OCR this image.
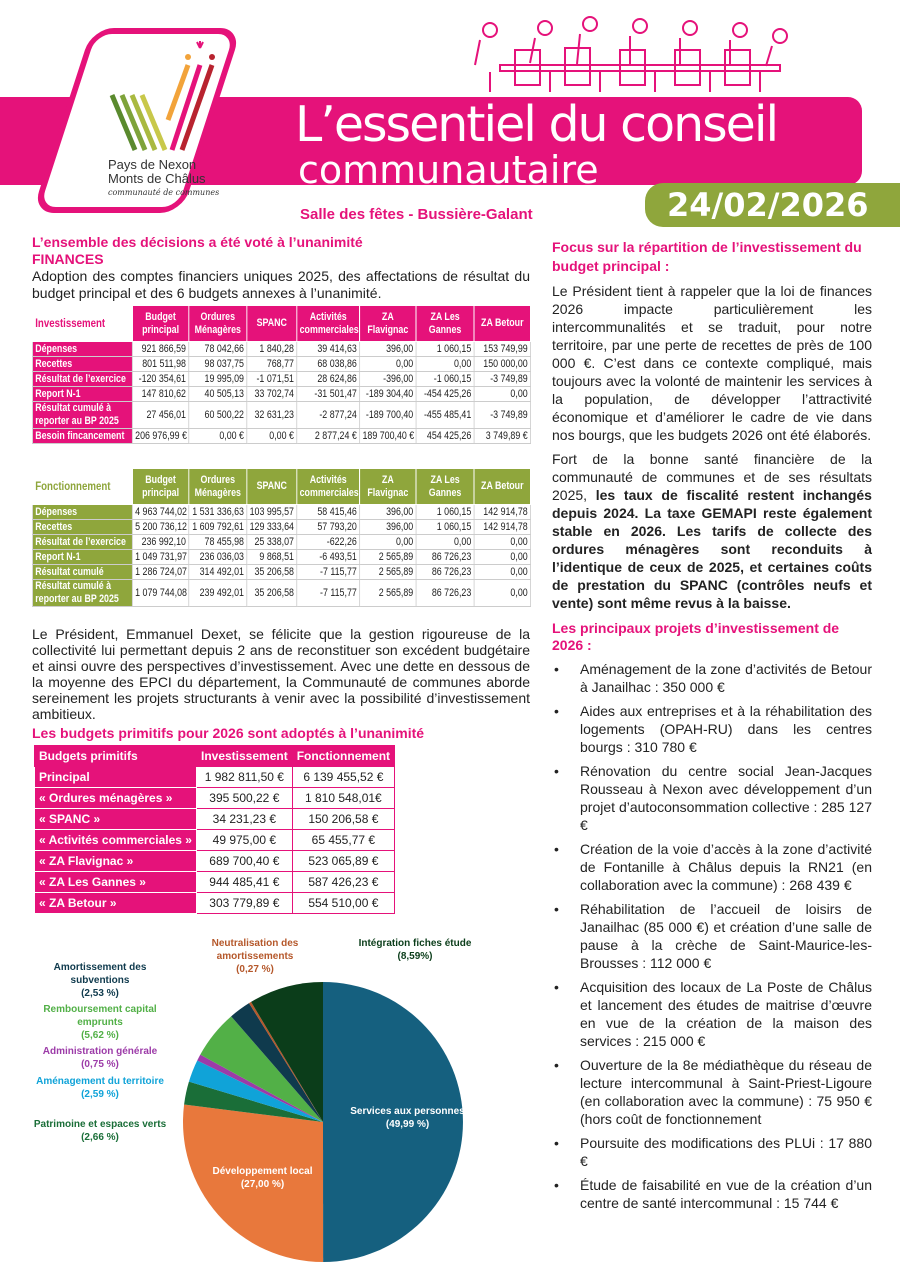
Pays de Nexon
Monts de Châlus
communauté de communes
L’essentiel du conseil
communautaire
24/02/2026
Salle des fêtes - Bussière-Galant
L’ensemble des décisions a été voté à l’unanimité
FINANCES

Adoption des comptes financiers uniques 2025, des affectations de résultat du budget principal et des 6 budgets annexes à l’unanimité.

Investissement	Budget principal	Ordures Ménagères	SPANC	Activités commerciales	ZA Flavignac	ZA Les Gannes	ZA Betour
Dépenses	921 866,59	78 042,66	1 840,28	39 414,63	396,00	1 060,15	153 749,99
Recettes	801 511,98	98 037,75	768,77	68 038,86	0,00	0,00	150 000,00
Résultat de l’exercice	-120 354,61	19 995,09	-1 071,51	28 624,86	-396,00	-1 060,15	-3 749,89
Report N-1	147 810,62	40 505,13	33 702,74	-31 501,47	-189 304,40	-454 425,26	0,00
Résultat cumulé à reporter au BP 2025	27 456,01	60 500,22	32 631,23	-2 877,24	-189 700,40	-455 485,41	-3 749,89
Besoin fincancement	206 976,99 €	0,00 €	0,00 €	2 877,24 €	189 700,40 €	454 425,26	3 749,89 €
Fonctionnement	Budget principal	Ordures Ménagères	SPANC	Activités commerciales	ZA Flavignac	ZA Les Gannes	ZA Betour
Dépenses	4 963 744,02	1 531 336,63	103 995,57	58 415,46	396,00	1 060,15	142 914,78
Recettes	5 200 736,12	1 609 792,61	129 333,64	57 793,20	396,00	1 060,15	142 914,78
Résultat de l’exercice	236 992,10	78 455,98	25 338,07	-622,26	0,00	0,00	0,00
Report N-1	1 049 731,97	236 036,03	9 868,51	-6 493,51	2 565,89	86 726,23	0,00
Résultat cumulé	1 286 724,07	314 492,01	35 206,58	-7 115,77	2 565,89	86 726,23	0,00
Résultat cumulé à reporter au BP 2025	1 079 744,08	239 492,01	35 206,58	-7 115,77	2 565,89	86 726,23	0,00

Le Président, Emmanuel Dexet, se félicite que la gestion rigoureuse de la collectivité lui permettant depuis 2 ans de reconstituer son excédent budgétaire et ainsi ouvre des perspectives d’investissement. Avec une dette en dessous de la moyenne des EPCI du département, la Communauté de communes aborde sereinement les projets structurants à venir avec la possibilité d’investissement ambitieux.

Les budgets primitifs pour 2026 sont adoptés à l’unanimité
Budgets primitifs	Investissement	Fonctionnement
Principal	1 982 811,50 €	6 139 455,52 €
« Ordures ménagères »	395 500,22 €	1 810 548,01€
« SPANC »	34 231,23 €	150 206,58 €
« Activités commerciales »	49 975,00 €	65 455,77 €
« ZA Flavignac »	689 700,40 €	523 065,89 €
« ZA Les Gannes »	944 485,41 €	587 426,23 €
« ZA Betour »	303 779,89 €	554 510,00 €
Services aux personnes
(49,99 %)
Développement local
(27,00 %)
Patrimoine et espaces verts
(2,66 %)
Aménagement du territoire
(2,59 %)
Administration générale
(0,75 %)
Remboursement capital emprunts
(5,62 %)
Amortissement des subventions
(2,53 %)
Neutralisation des amortissements
(0,27 %)
Intégration fiches étude
(8,59%)
Focus sur la répartition de l’investissement du budget principal :

Le Président tient à rappeler que la loi de finances 2026 impacte particulièrement les intercommunalités et se traduit, pour notre territoire, par une perte de recettes de près de 100 000 €. C’est dans ce contexte compliqué, mais toujours avec la volonté de maintenir les services à la population, de développer l’attractivité économique et d’améliorer le cadre de vie dans nos bourgs, que les budgets 2026 ont été élaborés.

Fort de la bonne santé financière de la communauté de communes et de ses résultats 2025, les taux de fiscalité restent inchangés depuis 2024. La taxe GEMAPI reste également stable en 2026. Les tarifs de collecte des ordures ménagères sont reconduits à l’identique de ceux de 2025, et certaines coûts de prestation du SPANC (contrôles neufs et vente) sont même revus à la baisse.

Les principaux projets d’investissement de 2026 :
• Aménagement de la zone d’activités de Betour à Janailhac : 350 000 €
• Aides aux entreprises et à la réhabilitation des logements (OPAH-RU) dans les centres bourgs : 310 780 €
• Rénovation du centre social Jean-Jacques Rousseau à Nexon avec développement d’un projet d’autoconsommation collective : 285 127 €
• Création de la voie d’accès à la zone d’activité de Fontanille à Châlus depuis la RN21 (en collaboration avec la commune) : 268 439 €
• Réhabilitation de l’accueil de loisirs de Janailhac (85 000 €) et création d’une salle de pause à la crèche de Saint-Maurice-les-Brousses : 112 000 €
• Acquisition des locaux de La Poste de Châlus et lancement des études de maitrise d’œuvre en vue de la création de la maison des services : 215 000 €
• Ouverture de la 8e médiathèque du réseau de lecture intercommunal à Saint-Priest-Ligoure (en collaboration avec la commune) : 75 950 € (hors coût de fonctionnement
• Poursuite des modifications des PLUi : 17 880 €
• Étude de faisabilité en vue de la création d’un centre de santé intercommunal : 15 744 €
